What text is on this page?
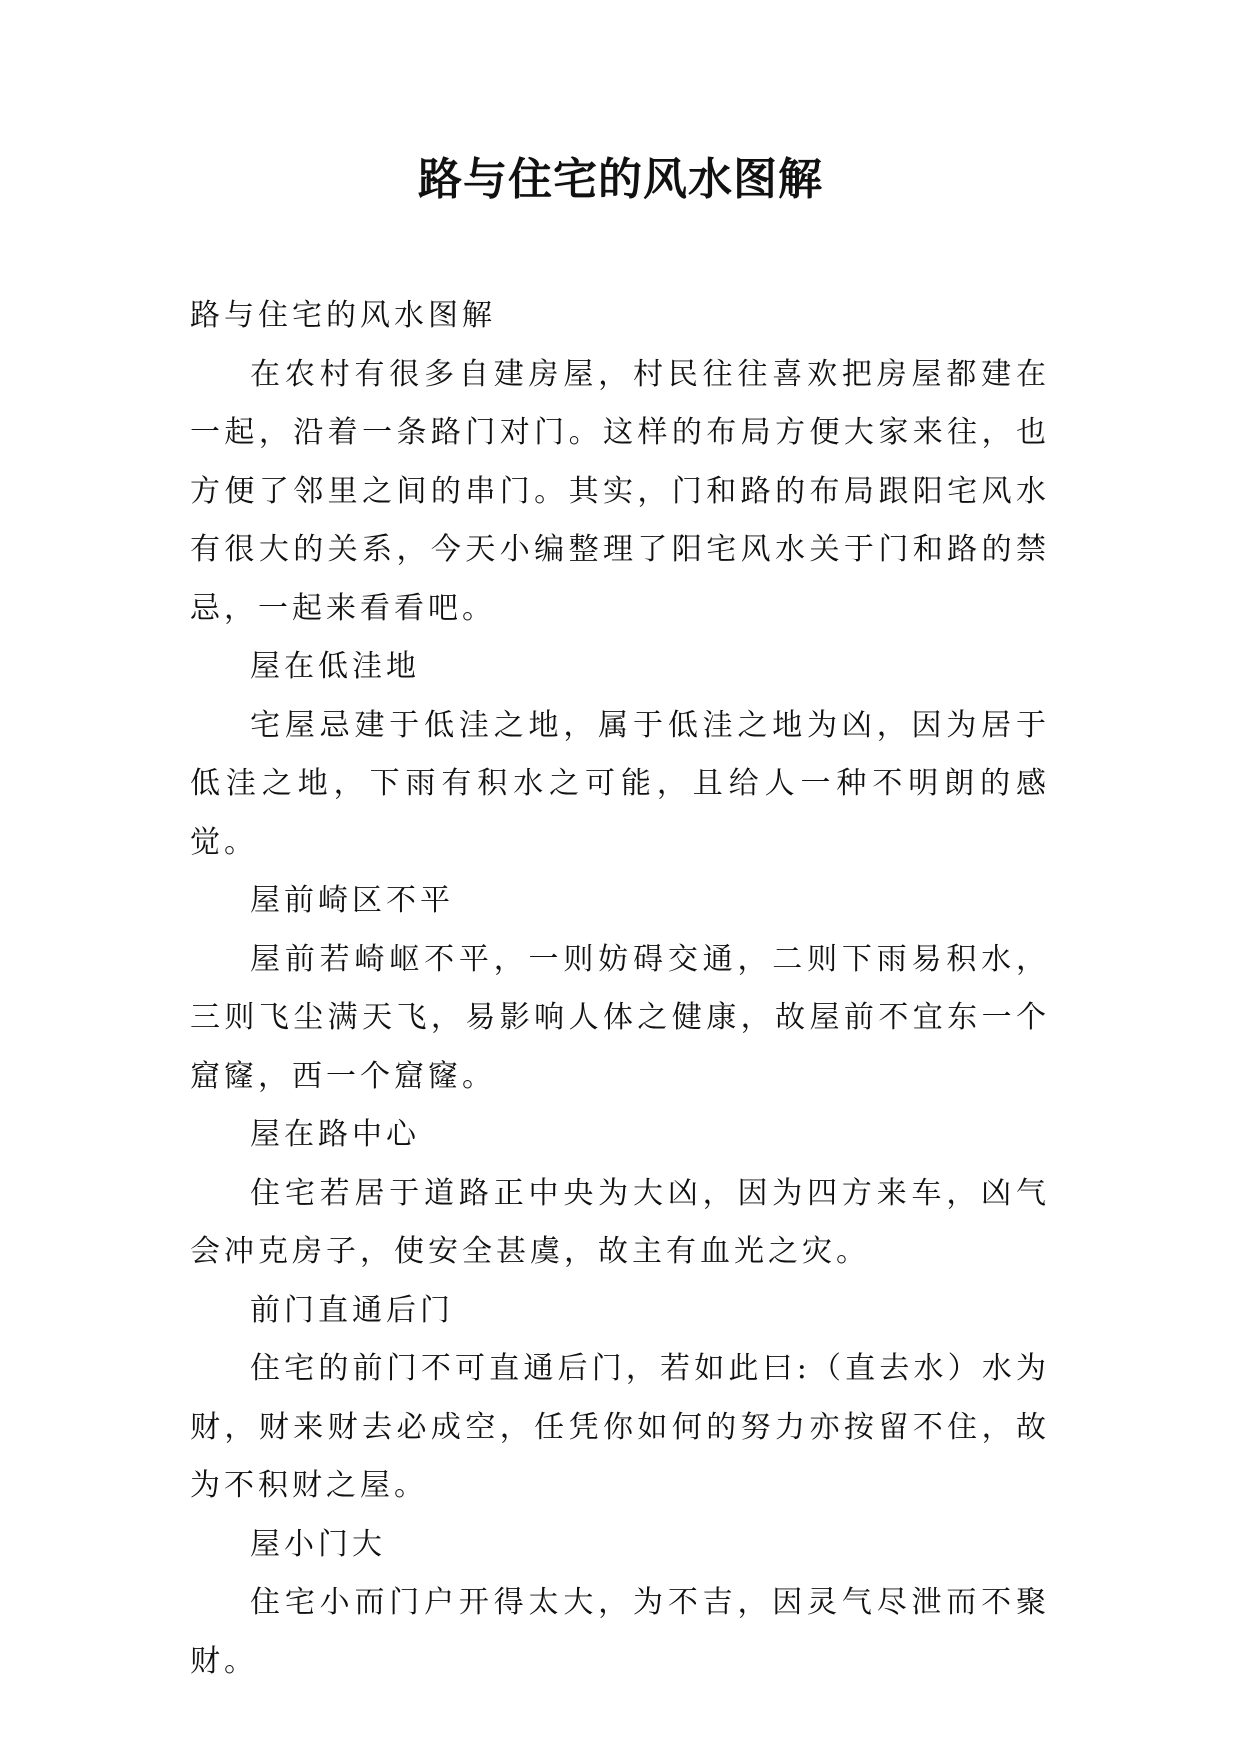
路与住宅的风水图解

路与住宅的风水图解

在农村有很多自建房屋，村民往往喜欢把房屋都建在一起，沿着一条路门对门。这样的布局方便大家来往，也方便了邻里之间的串门。其实，门和路的布局跟阳宅风水有很大的关系，今天小编整理了阳宅风水关于门和路的禁忌，一起来看看吧。

屋在低洼地

宅屋忌建于低洼之地，属于低洼之地为凶，因为居于低洼之地，下雨有积水之可能，且给人一种不明朗的感觉。

屋前崎区不平

屋前若崎岖不平，一则妨碍交通，二则下雨易积水，三则飞尘满天飞，易影响人体之健康，故屋前不宜东一个窟窿，西一个窟窿。

屋在路中心

住宅若居于道路正中央为大凶，因为四方来车，凶气会冲克房子，使安全甚虞，故主有血光之灾。

前门直通后门

住宅的前门不可直通后门，若如此曰:（直去水）水为财，财来财去必成空，任凭你如何的努力亦按留不住，故为不积财之屋。

屋小门大

住宅小而门户开得太大，为不吉，因灵气尽泄而不聚财。
